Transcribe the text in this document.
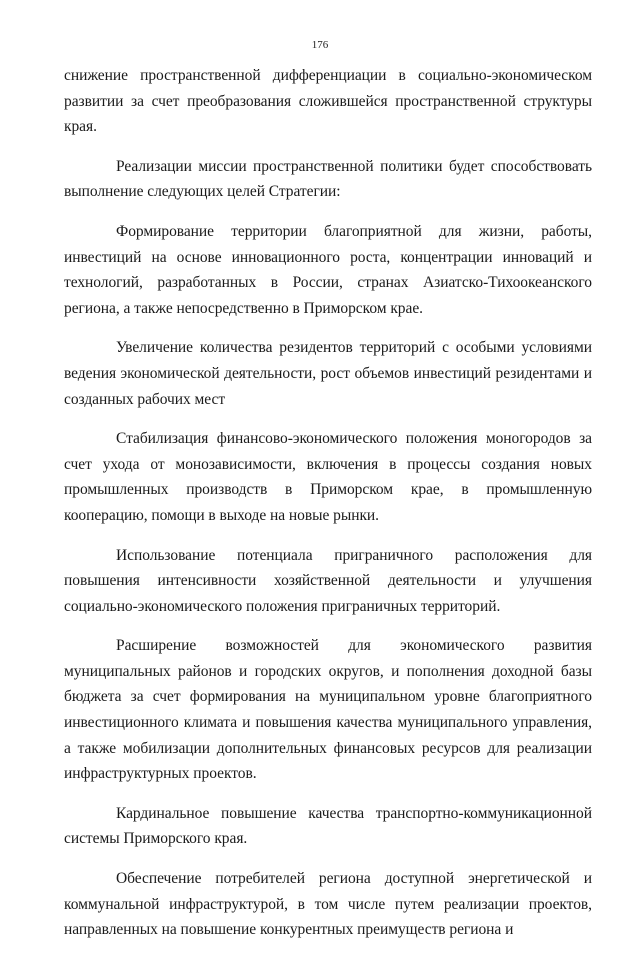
176

снижение пространственной дифференциации в социально-экономическом развитии за счет преобразования сложившейся пространственной структуры края.

Реализации миссии пространственной политики будет способствовать выполнение следующих целей Стратегии:

Формирование территории благоприятной для жизни, работы, инвестиций на основе инновационного роста, концентрации инноваций и технологий, разработанных в России, странах Азиатско-Тихоокеанского региона, а также непосредственно в Приморском крае.

Увеличение количества резидентов территорий с особыми условиями ведения экономической деятельности, рост объемов инвестиций резидентами и созданных рабочих мест

Стабилизация финансово-экономического положения моногородов за счет ухода от монозависимости, включения в процессы создания новых промышленных производств в Приморском крае, в промышленную кооперацию, помощи в выходе на новые рынки.

Использование потенциала приграничного расположения для повышения интенсивности хозяйственной деятельности и улучшения социально-экономического положения приграничных территорий.

Расширение возможностей для экономического развития муниципальных районов и городских округов, и пополнения доходной базы бюджета за счет формирования на муниципальном уровне благоприятного инвестиционного климата и повышения качества муниципального управления, а также мобилизации дополнительных финансовых ресурсов для реализации инфраструктурных проектов.

Кардинальное повышение качества транспортно-коммуникационной системы Приморского края.

Обеспечение потребителей региона доступной энергетической и коммунальной инфраструктурой, в том числе путем реализации проектов, направленных на повышение конкурентных преимуществ региона и
